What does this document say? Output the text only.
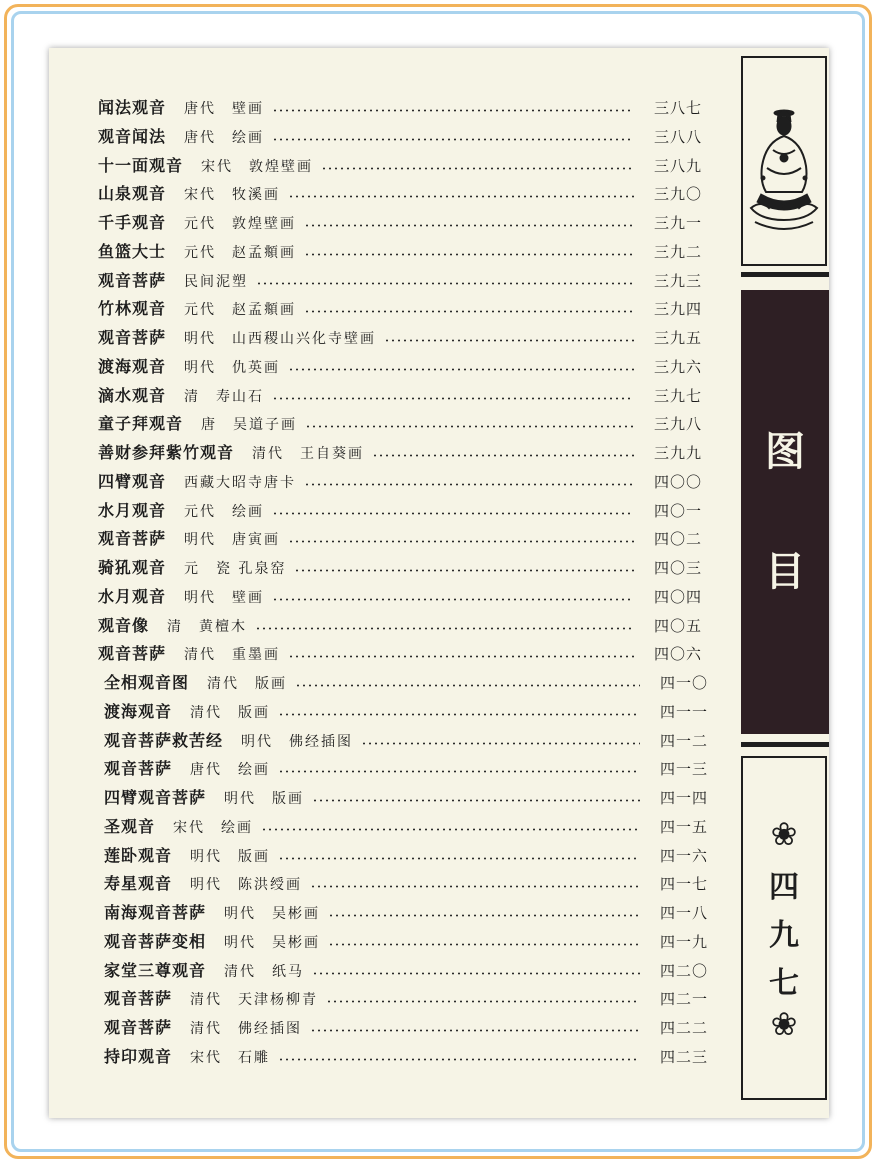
闻法观音 唐代 壁画	三八七
观音闻法 唐代 绘画	三八八
十一面观音 宋代 敦煌壁画	三八九
山泉观音 宋代 牧溪画	三九〇
千手观音 元代 敦煌壁画	三九一
鱼篮大士 元代 赵孟頫画	三九二
观音菩萨 民间泥塑	三九三
竹林观音 元代 赵孟頫画	三九四
观音菩萨 明代 山西稷山兴化寺壁画	三九五
渡海观音 明代 仇英画	三九六
滴水观音 清 寿山石	三九七
童子拜观音 唐 吴道子画	三九八
善财参拜紫竹观音 清代 王自葵画	三九九
四臂观音 西藏大昭寺唐卡	四〇〇
水月观音 元代 绘画	四〇一
观音菩萨 明代 唐寅画	四〇二
骑犼观音 元 瓷 孔泉窑	四〇三
水月观音 明代 壁画	四〇四
观音像 清 黄檀木	四〇五
观音菩萨 清代 重墨画	四〇六
全相观音图 清代 版画	四一〇
渡海观音 清代 版画	四一一
观音菩萨救苦经 明代 佛经插图	四一二
观音菩萨 唐代 绘画	四一三
四臂观音菩萨 明代 版画	四一四
圣观音 宋代 绘画	四一五
莲卧观音 明代 版画	四一六
寿星观音 明代 陈洪绶画	四一七
南海观音菩萨 明代 吴彬画	四一八
观音菩萨变相 明代 吴彬画	四一九
家堂三尊观音 清代 纸马	四二〇
观音菩萨 清代 天津杨柳青	四二一
观音菩萨 清代 佛经插图	四二二
持印观音 宋代 石雕	四二三
图
目
❀
四
九
七
❀
